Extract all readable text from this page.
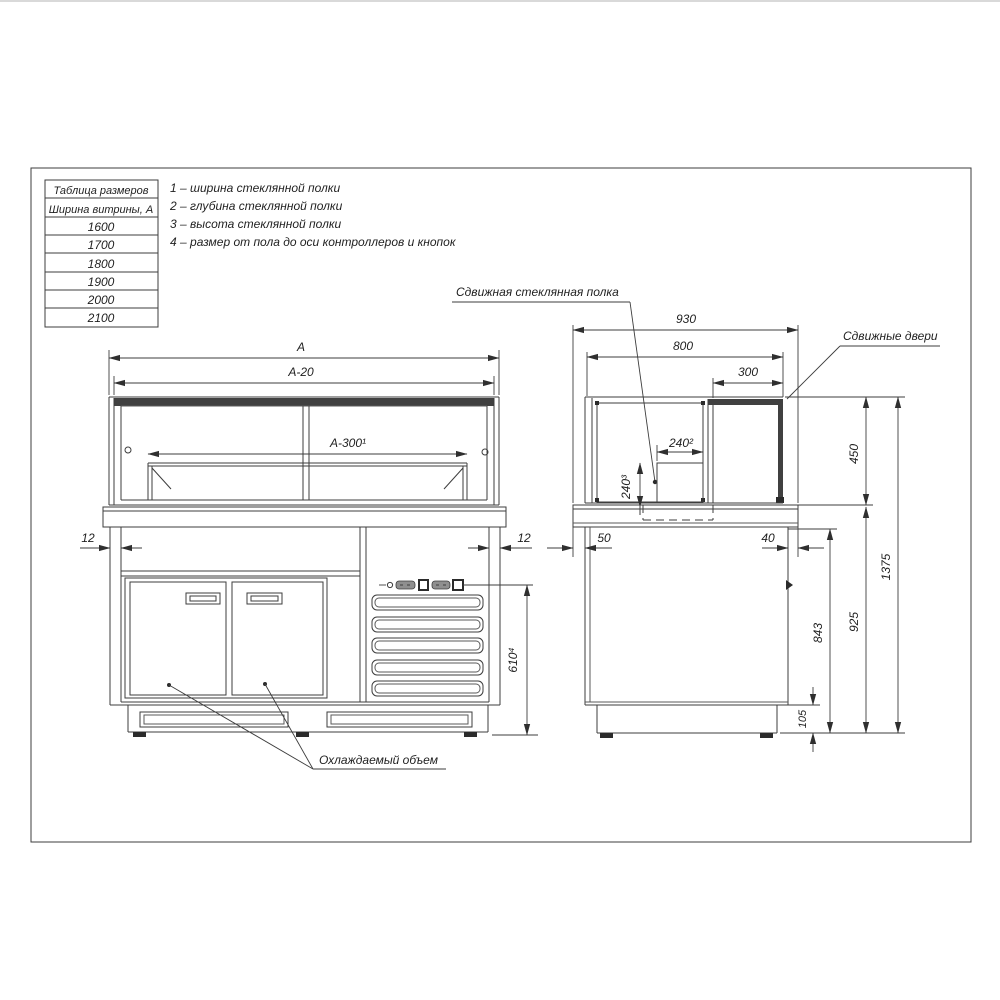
Таблица размеров
Ширина витрины, А
1600
1700
1800
1900
2000
2100
1 – ширина стеклянной полки
2 – глубина стеклянной полки
3 – высота стеклянной полки
4 – размер от пола до оси контроллеров и кнопок
Сдвижная стеклянная полка
Сдвижные двери
А
А-20
А-300¹
12	12
610⁴
Охлаждаемый объем
240²
240³
930
800
300
50	40
450
925
1375
843
105
